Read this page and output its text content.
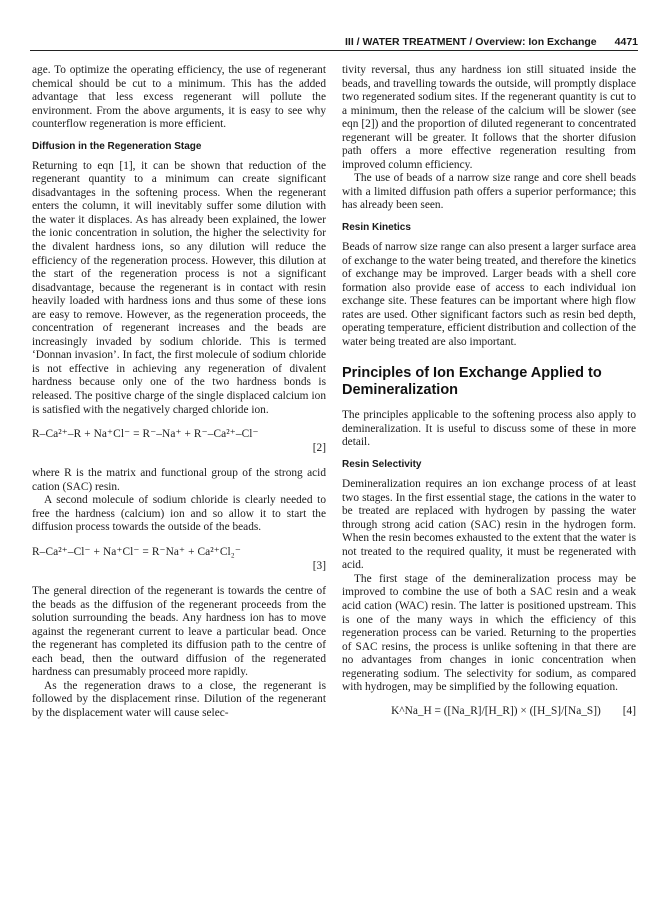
III / WATER TREATMENT / Overview: Ion Exchange 4471

age. To optimize the operating efficiency, the use of regenerant chemical should be cut to a minimum. This has the added advantage that less excess regenerant will pollute the environment. From the above arguments, it is easy to see why counterflow regeneration is more efficient.

Diffusion in the Regeneration Stage

Returning to eqn [1], it can be shown that reduction of the regenerant quantity to a minimum can create significant disadvantages in the softening process. When the regenerant enters the column, it will inevitably suffer some dilution with the water it displaces. As has already been explained, the lower the ionic concentration in solution, the higher the selectivity for the divalent hardness ions, so any dilution will reduce the efficiency of the regeneration process. However, this dilution at the start of the regeneration process is not a significant disadvantage, because the regenerant is in contact with resin heavily loaded with hardness ions and thus some of these ions are easy to remove. However, as the regeneration proceeds, the concentration of regenerant increases and the beads are increasingly invaded by sodium chloride. This is termed ‘Donnan invasion’. In fact, the first molecule of sodium chloride is not effective in achieving any regeneration of divalent hardness because only one of the two hardness bonds is released. The positive charge of the single displaced calcium ion is satisfied with the negatively charged chloride ion.

R–Ca²⁺–R + Na⁺Cl⁻ = R⁻–Na⁺ + R⁻–Ca²⁺–Cl⁻
[2]

where R is the matrix and functional group of the strong acid cation (SAC) resin.

A second molecule of sodium chloride is clearly needed to free the hardness (calcium) ion and so allow it to start the diffusion process towards the outside of the beads.

R–Ca²⁺–Cl⁻ + Na⁺Cl⁻ = R⁻Na⁺ + Ca²⁺Cl₂⁻
[3]

The general direction of the regenerant is towards the centre of the beads as the diffusion of the regenerant proceeds from the solution surrounding the beads. Any hardness ion has to move against the regenerant current to leave a particular bead. Once the regenerant has completed its diffusion path to the centre of each bead, then the outward diffusion of the regenerated hardness can presumably proceed more rapidly.

As the regeneration draws to a close, the regenerant is followed by the displacement rinse. Dilution of the regenerant by the displacement water will cause selec-

tivity reversal, thus any hardness ion still situated inside the beads, and travelling towards the outside, will promptly displace two regenerated sodium sites. If the regenerant quantity is cut to a minimum, then the release of the calcium will be slower (see eqn [2]) and the proportion of diluted regenerant to concentrated regenerant will be greater. It follows that the shorter difusion path offers a more effective regeneration resulting from improved column efficiency.

The use of beads of a narrow size range and core shell beads with a limited diffusion path offers a superior performance; this has already been seen.

Resin Kinetics

Beads of narrow size range can also present a larger surface area of exchange to the water being treated, and therefore the kinetics of exchange may be improved. Larger beads with a shell core formation also provide ease of access to each individual ion exchange site. These features can be important where high flow rates are used. Other significant factors such as resin bed depth, operating temperature, efficient distribution and collection of the water being treated are also important.

Principles of Ion Exchange Applied to Demineralization

The principles applicable to the softening process also apply to demineralization. It is useful to discuss some of these in more detail.

Resin Selectivity

Demineralization requires an ion exchange process of at least two stages. In the first essential stage, the cations in the water to be treated are replaced with hydrogen by passing the water through strong acid cation (SAC) resin in the hydrogen form. When the resin becomes exhausted to the extent that the water is not treated to the required quality, it must be regenerated with acid.

The first stage of the demineralization process may be improved to combine the use of both a SAC resin and a weak acid cation (WAC) resin. The latter is positioned upstream. This is one of the many ways in which the efficiency of this regeneration process can be varied. Returning to the properties of SAC resins, the process is unlike softening in that there are no advantages from changes in ionic concentration when regenerating sodium. The selectivity for sodium, as compared with hydrogen, may be simplified by the following equation.

K^Na_H = ([Na_R]/[H_R]) × ([H_S]/[Na_S]) [4]
